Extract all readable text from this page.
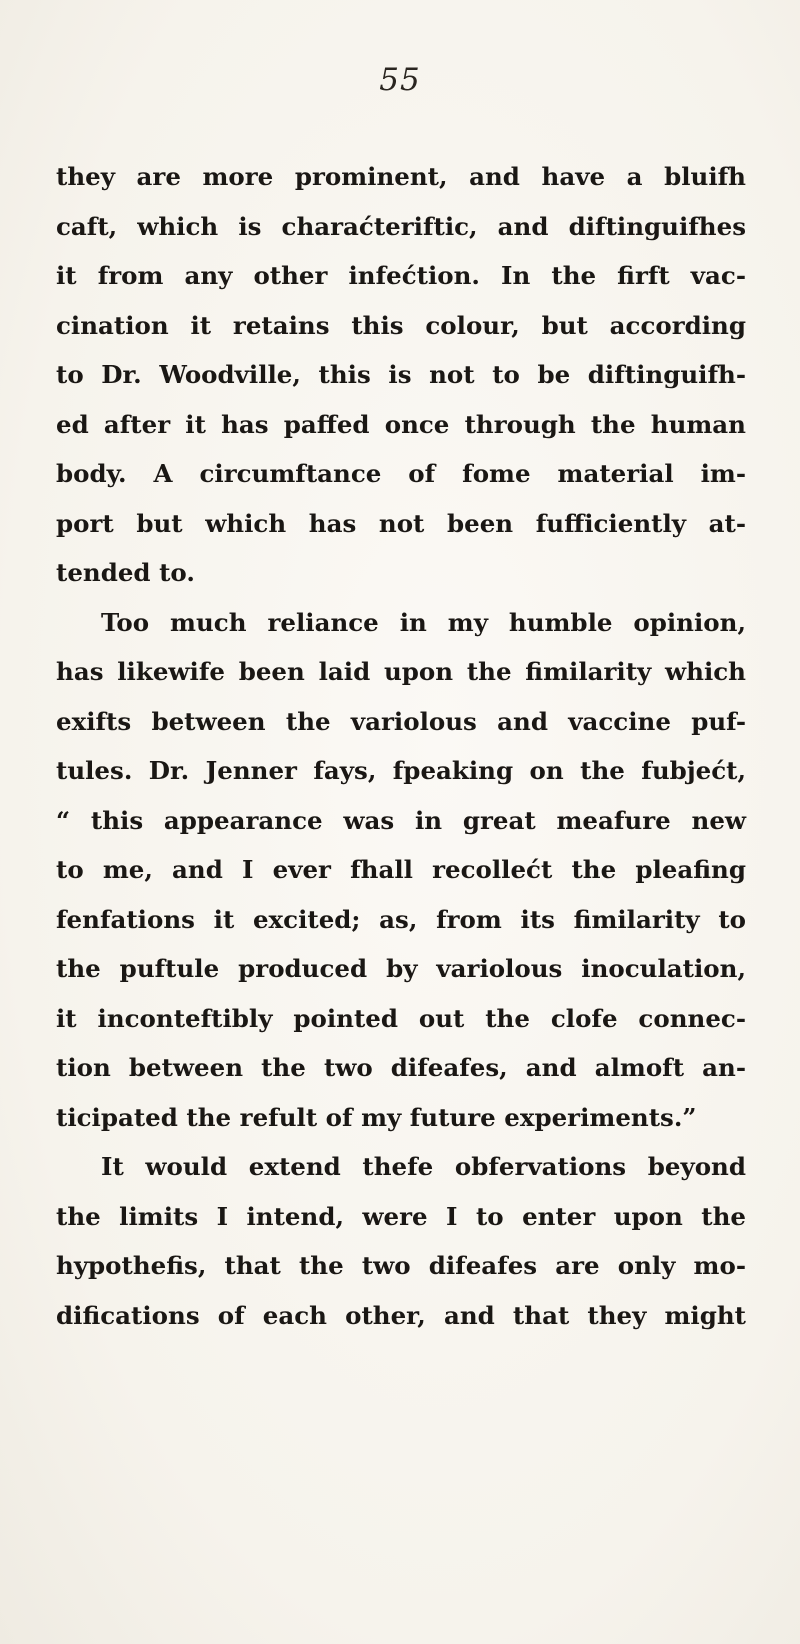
55
they are more prominent, and have a bluifh
caft, which is charaćteriftic, and diftinguifhes
it from any other infećtion. In the firft vac-
cination it retains this colour, but according
to Dr. Woodville, this is not to be diftinguifh-
ed after it has paffed once through the human
body. A circumftance of fome material im-
port but which has not been fufficiently at-
tended to.
Too much reliance in my humble opinion,
has likewife been laid upon the fimilarity which
exifts between the variolous and vaccine puf-
tules. Dr. Jenner fays, fpeaking on the fubjećt,
“ this appearance was in great meafure new
to me, and I ever fhall recollećt the pleafing
fenfations it excited; as, from its fimilarity to
the puftule produced by variolous inoculation,
it inconteftibly pointed out the clofe connec-
tion between the two difeafes, and almoft an-
ticipated the refult of my future experiments.”
It would extend thefe obfervations beyond
the limits I intend, were I to enter upon the
hypothefis, that the two difeafes are only mo-
difications of each other, and that they might
